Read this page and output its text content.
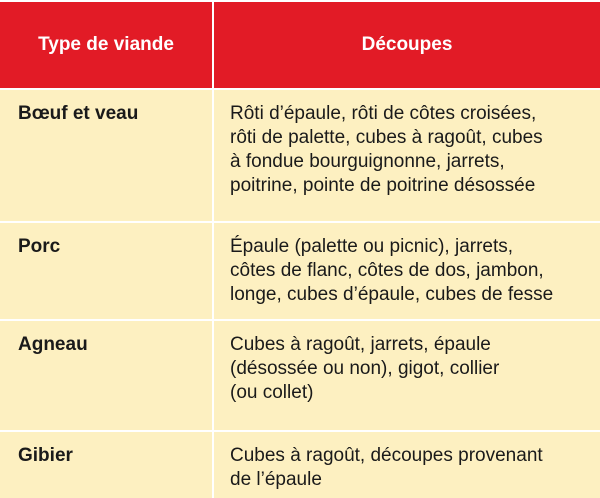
Type de viande	Découpes
Bœuf et veau	Rôti d’épaule, rôti de côtes croisées,
rôti de palette, cubes à ragoût, cubes
à fondue bourguignonne, jarrets,
poitrine, pointe de poitrine désossée

Porc	Épaule (palette ou picnic), jarrets,
côtes de flanc, côtes de dos, jambon,
longe, cubes d’épaule, cubes de fesse

Agneau	Cubes à ragoût, jarrets, épaule
(désossée ou non), gigot, collier
(ou collet)

Gibier	Cubes à ragoût, découpes provenant
de l’épaule
